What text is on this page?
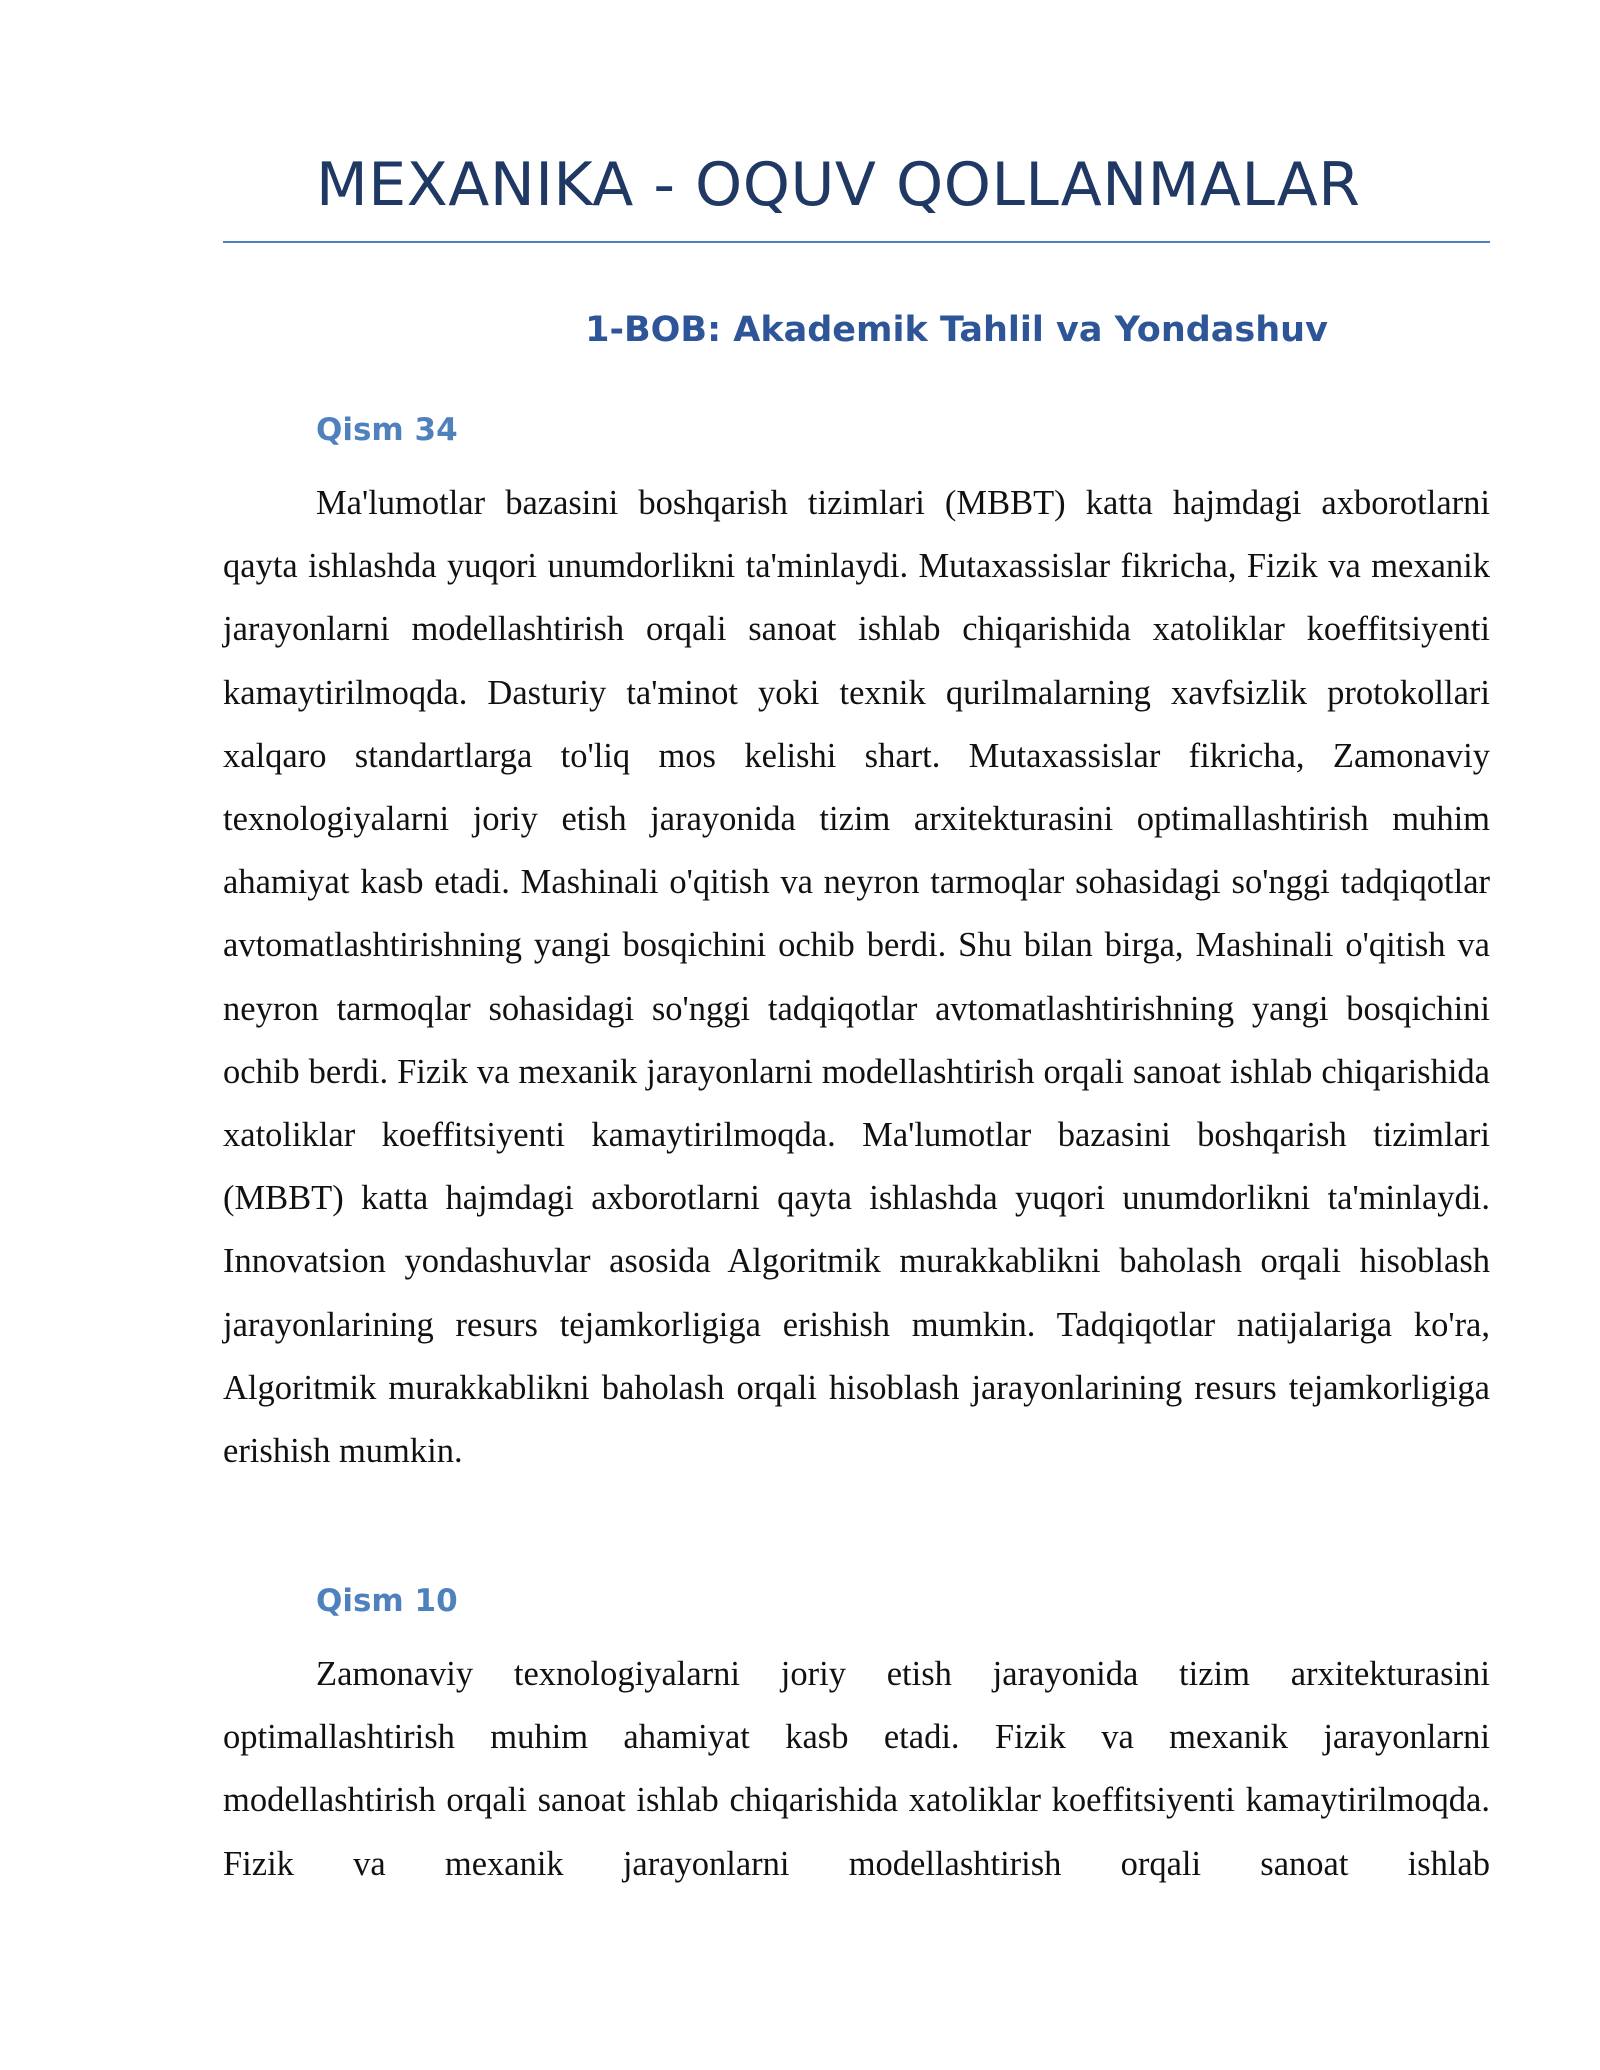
MEXANIKA - OQUV QOLLANMALAR
1-BOB: Akademik Tahlil va Yondashuv
Qism 34

Ma'lumotlar bazasini boshqarish tizimlari (MBBT) katta hajmdagi axborotlarni qayta ishlashda yuqori unumdorlikni ta'minlaydi. Mutaxassislar fikricha, Fizik va mexanik jarayonlarni modellashtirish orqali sanoat ishlab chiqarishida xatoliklar koeffitsiyenti kamaytirilmoqda. Dasturiy ta'minot yoki texnik qurilmalarning xavfsizlik protokollari xalqaro standartlarga to'liq mos kelishi shart. Mutaxassislar fikricha, Zamonaviy texnologiyalarni joriy etish jarayonida tizim arxitekturasini optimallashtirish muhim ahamiyat kasb etadi. Mashinali o'qitish va neyron tarmoqlar sohasidagi so'nggi tadqiqotlar avtomatlashtirishning yangi bosqichini ochib berdi. Shu bilan birga, Mashinali o'qitish va neyron tarmoqlar sohasidagi so'nggi tadqiqotlar avtomatlashtirishning yangi bosqichini ochib berdi. Fizik va mexanik jarayonlarni modellashtirish orqali sanoat ishlab chiqarishida xatoliklar koeffitsiyenti kamaytirilmoqda. Ma'lumotlar bazasini boshqarish tizimlari (MBBT) katta hajmdagi axborotlarni qayta ishlashda yuqori unumdorlikni ta'minlaydi. Innovatsion yondashuvlar asosida Algoritmik murakkablikni baholash orqali hisoblash jarayonlarining resurs tejamkorligiga erishish mumkin. Tadqiqotlar natijalariga ko'ra, Algoritmik murakkablikni baholash orqali hisoblash jarayonlarining resurs tejamkorligiga erishish mumkin.

Qism 10

Zamonaviy texnologiyalarni joriy etish jarayonida tizim arxitekturasini optimallashtirish muhim ahamiyat kasb etadi. Fizik va mexanik jarayonlarni modellashtirish orqali sanoat ishlab chiqarishida xatoliklar koeffitsiyenti kamaytirilmoqda. Fizik va mexanik jarayonlarni modellashtirish orqali sanoat ishlab
